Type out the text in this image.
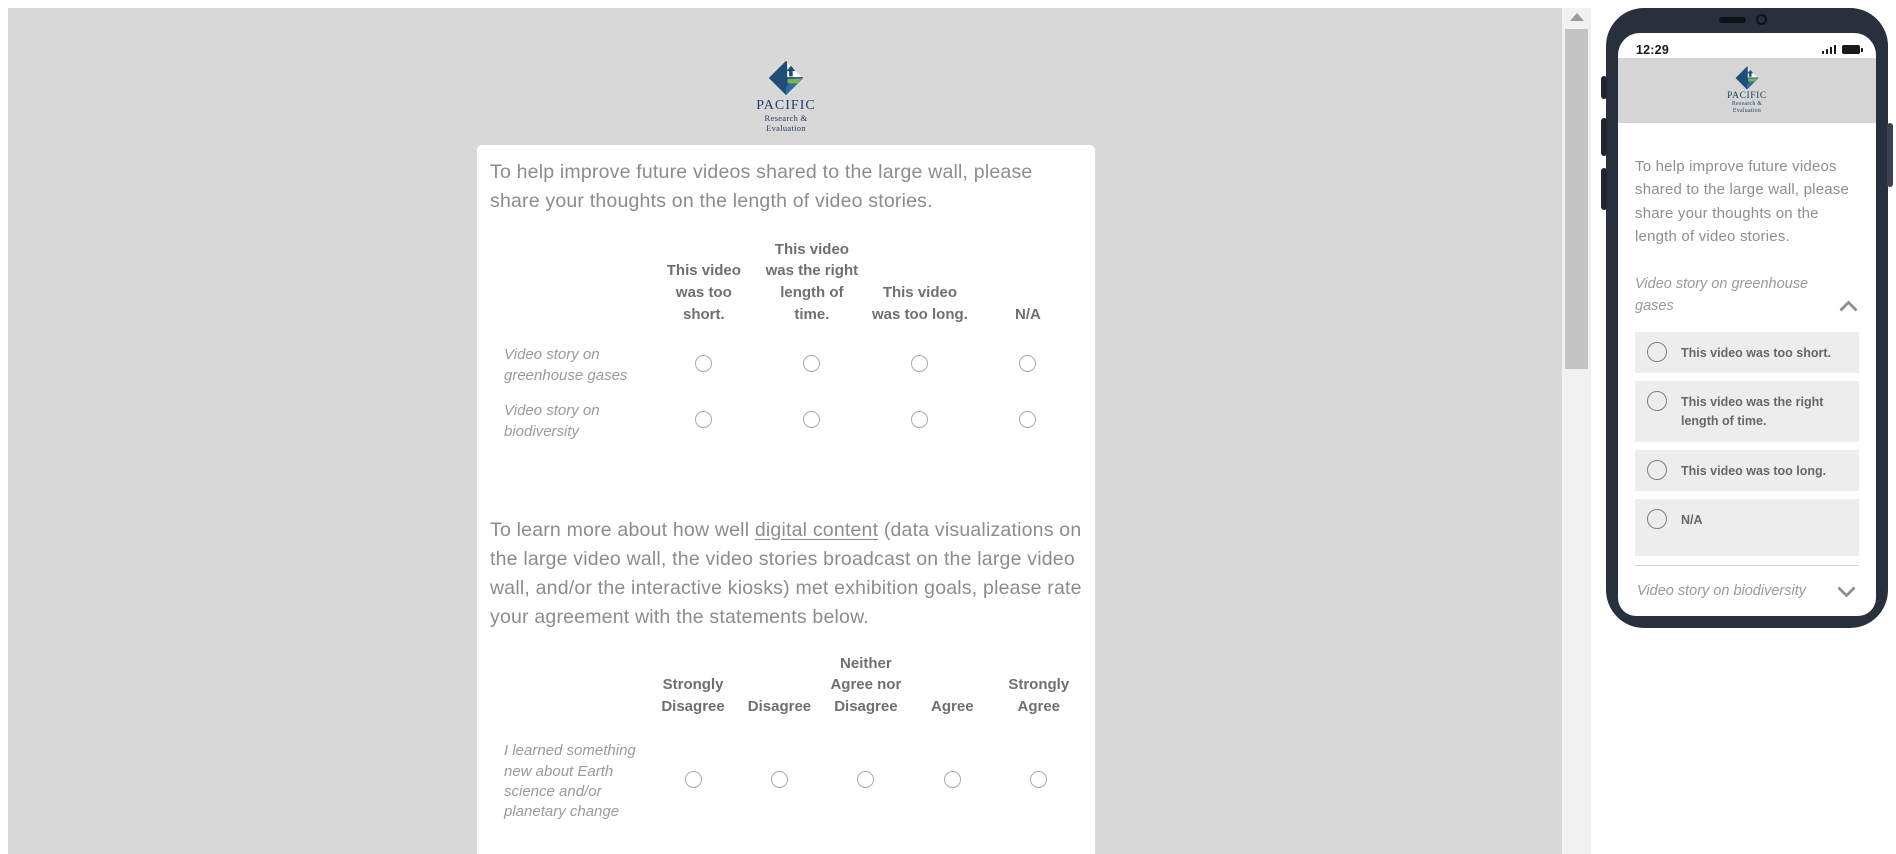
PACIFIC
Research &
Evaluation
To help improve future videos shared to the large wall, please share your thoughts on the length of video stories.
	This video was too short.	This video was the right length of time.	This video was too long.	N/A
Video story on greenhouse gases				
Video story on biodiversity				
To learn more about how well digital content (data visualizations on the large video wall, the video stories broadcast on the large video wall, and/or the interactive kiosks) met exhibition goals, please rate your agreement with the statements below.
	Strongly Disagree	Disagree	Neither Agree nor Disagree	Agree	Strongly Agree
I learned something new about Earth science and/or planetary change					
12:29
PACIFIC
Research &
Evaluation
To help improve future videos shared to the large wall, please share your thoughts on the length of video stories.
Video story on greenhouse gases
This video was too short.
This video was the right length of time.
This video was too long.
N/A
Video story on biodiversity
